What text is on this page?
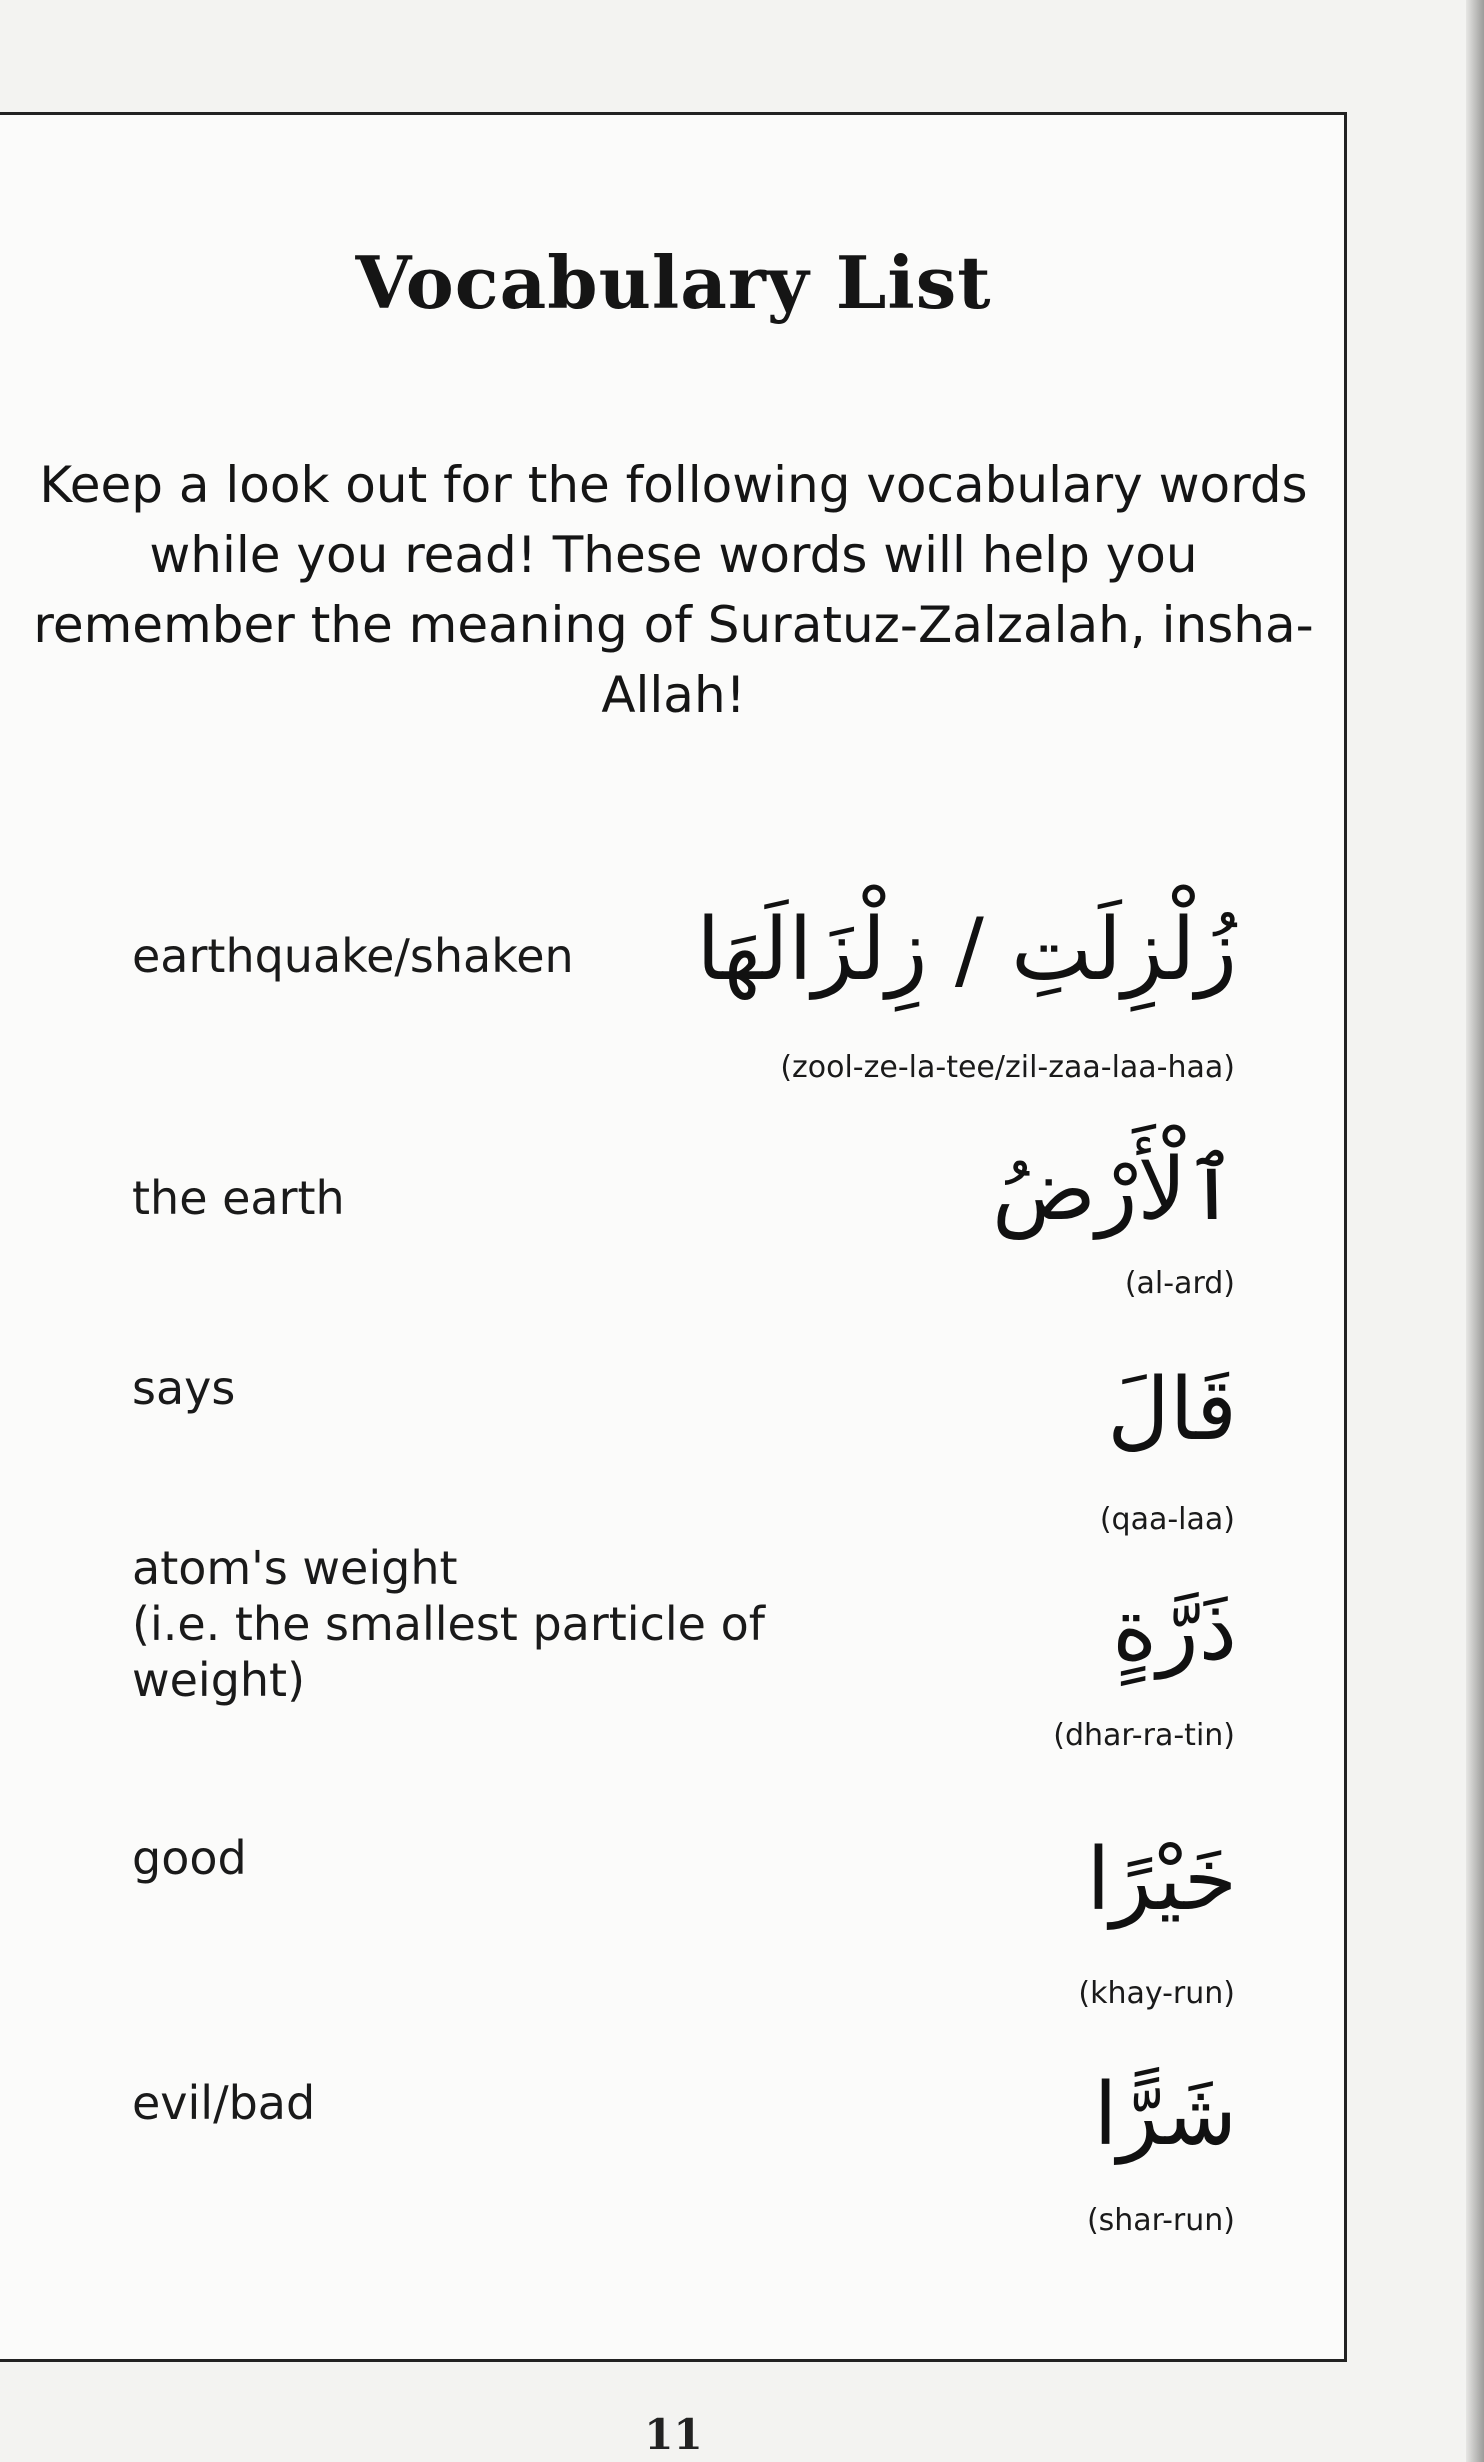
Vocabulary List
Keep a look out for the following vocabulary words while you read! These words will help you remember the meaning of Suratuz-Zalzalah, insha-Allah!
earthquake/shaken زُلْزِلَتِ / زِلْزَالَهَا
(zool-ze-la-tee/zil-zaa-laa-haa)
the earth	ٱلْأَرْضُ
(al-ard)
says	قَالَ
(qaa-laa)
atom's weight
(i.e. the smallest particle of
weight)	ذَرَّةٍ
(dhar-ra-tin)
good	خَيْرًا
(khay-run)
evil/bad	شَرًّا
(shar-run)
11
